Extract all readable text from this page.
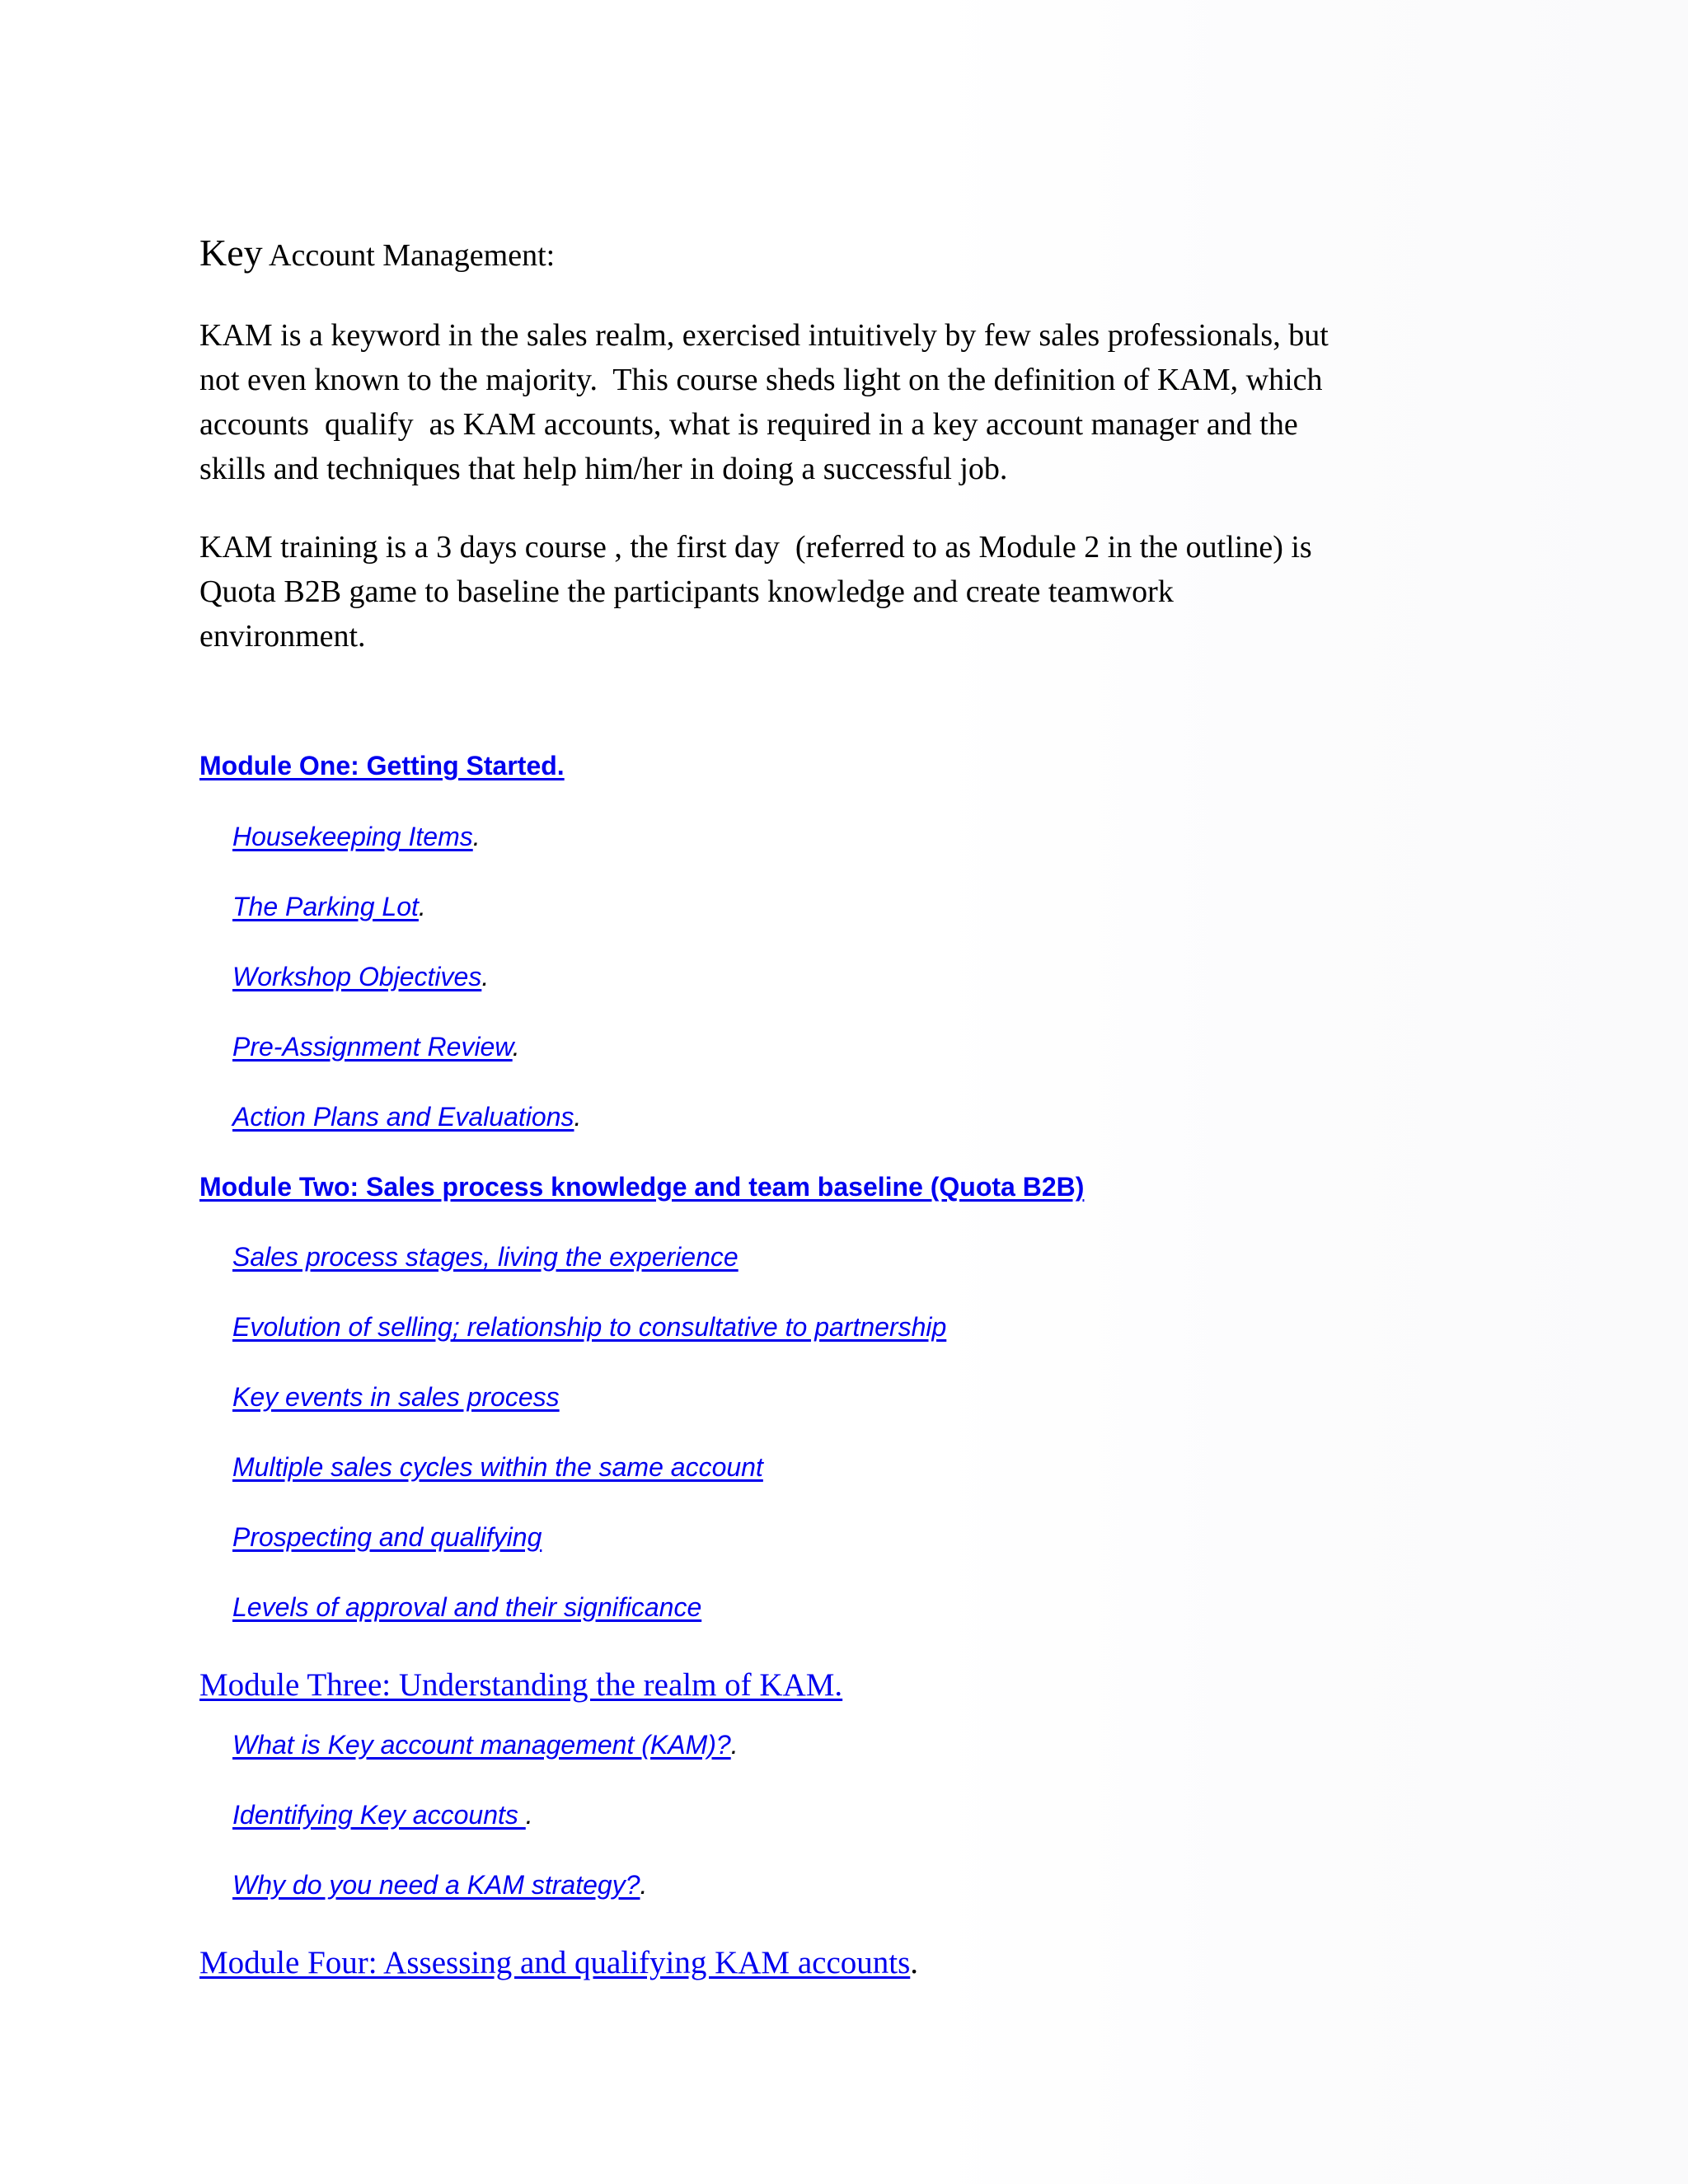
Key Account Management:

KAM is a keyword in the sales realm, exercised intuitively by few sales professionals, but
not even known to the majority.  This course sheds light on the definition of KAM, which
accounts  qualify  as KAM accounts, what is required in a key account manager and the
skills and techniques that help him/her in doing a successful job.

KAM training is a 3 days course , the first day  (referred to as Module 2 in the outline) is
Quota B2B game to baseline the participants knowledge and create teamwork
environment.

Module One: Getting Started.
Housekeeping Items.
The Parking Lot.
Workshop Objectives.
Pre-Assignment Review.
Action Plans and Evaluations.
Module Two: Sales process knowledge and team baseline (Quota B2B)
Sales process stages, living the experience
Evolution of selling; relationship to consultative to partnership
Key events in sales process
Multiple sales cycles within the same account
Prospecting and qualifying
Levels of approval and their significance
Module Three: Understanding the realm of KAM.
What is Key account management (KAM)?.
Identifying Key accounts .
Why do you need a KAM strategy?.
Module Four: Assessing and qualifying KAM accounts.
